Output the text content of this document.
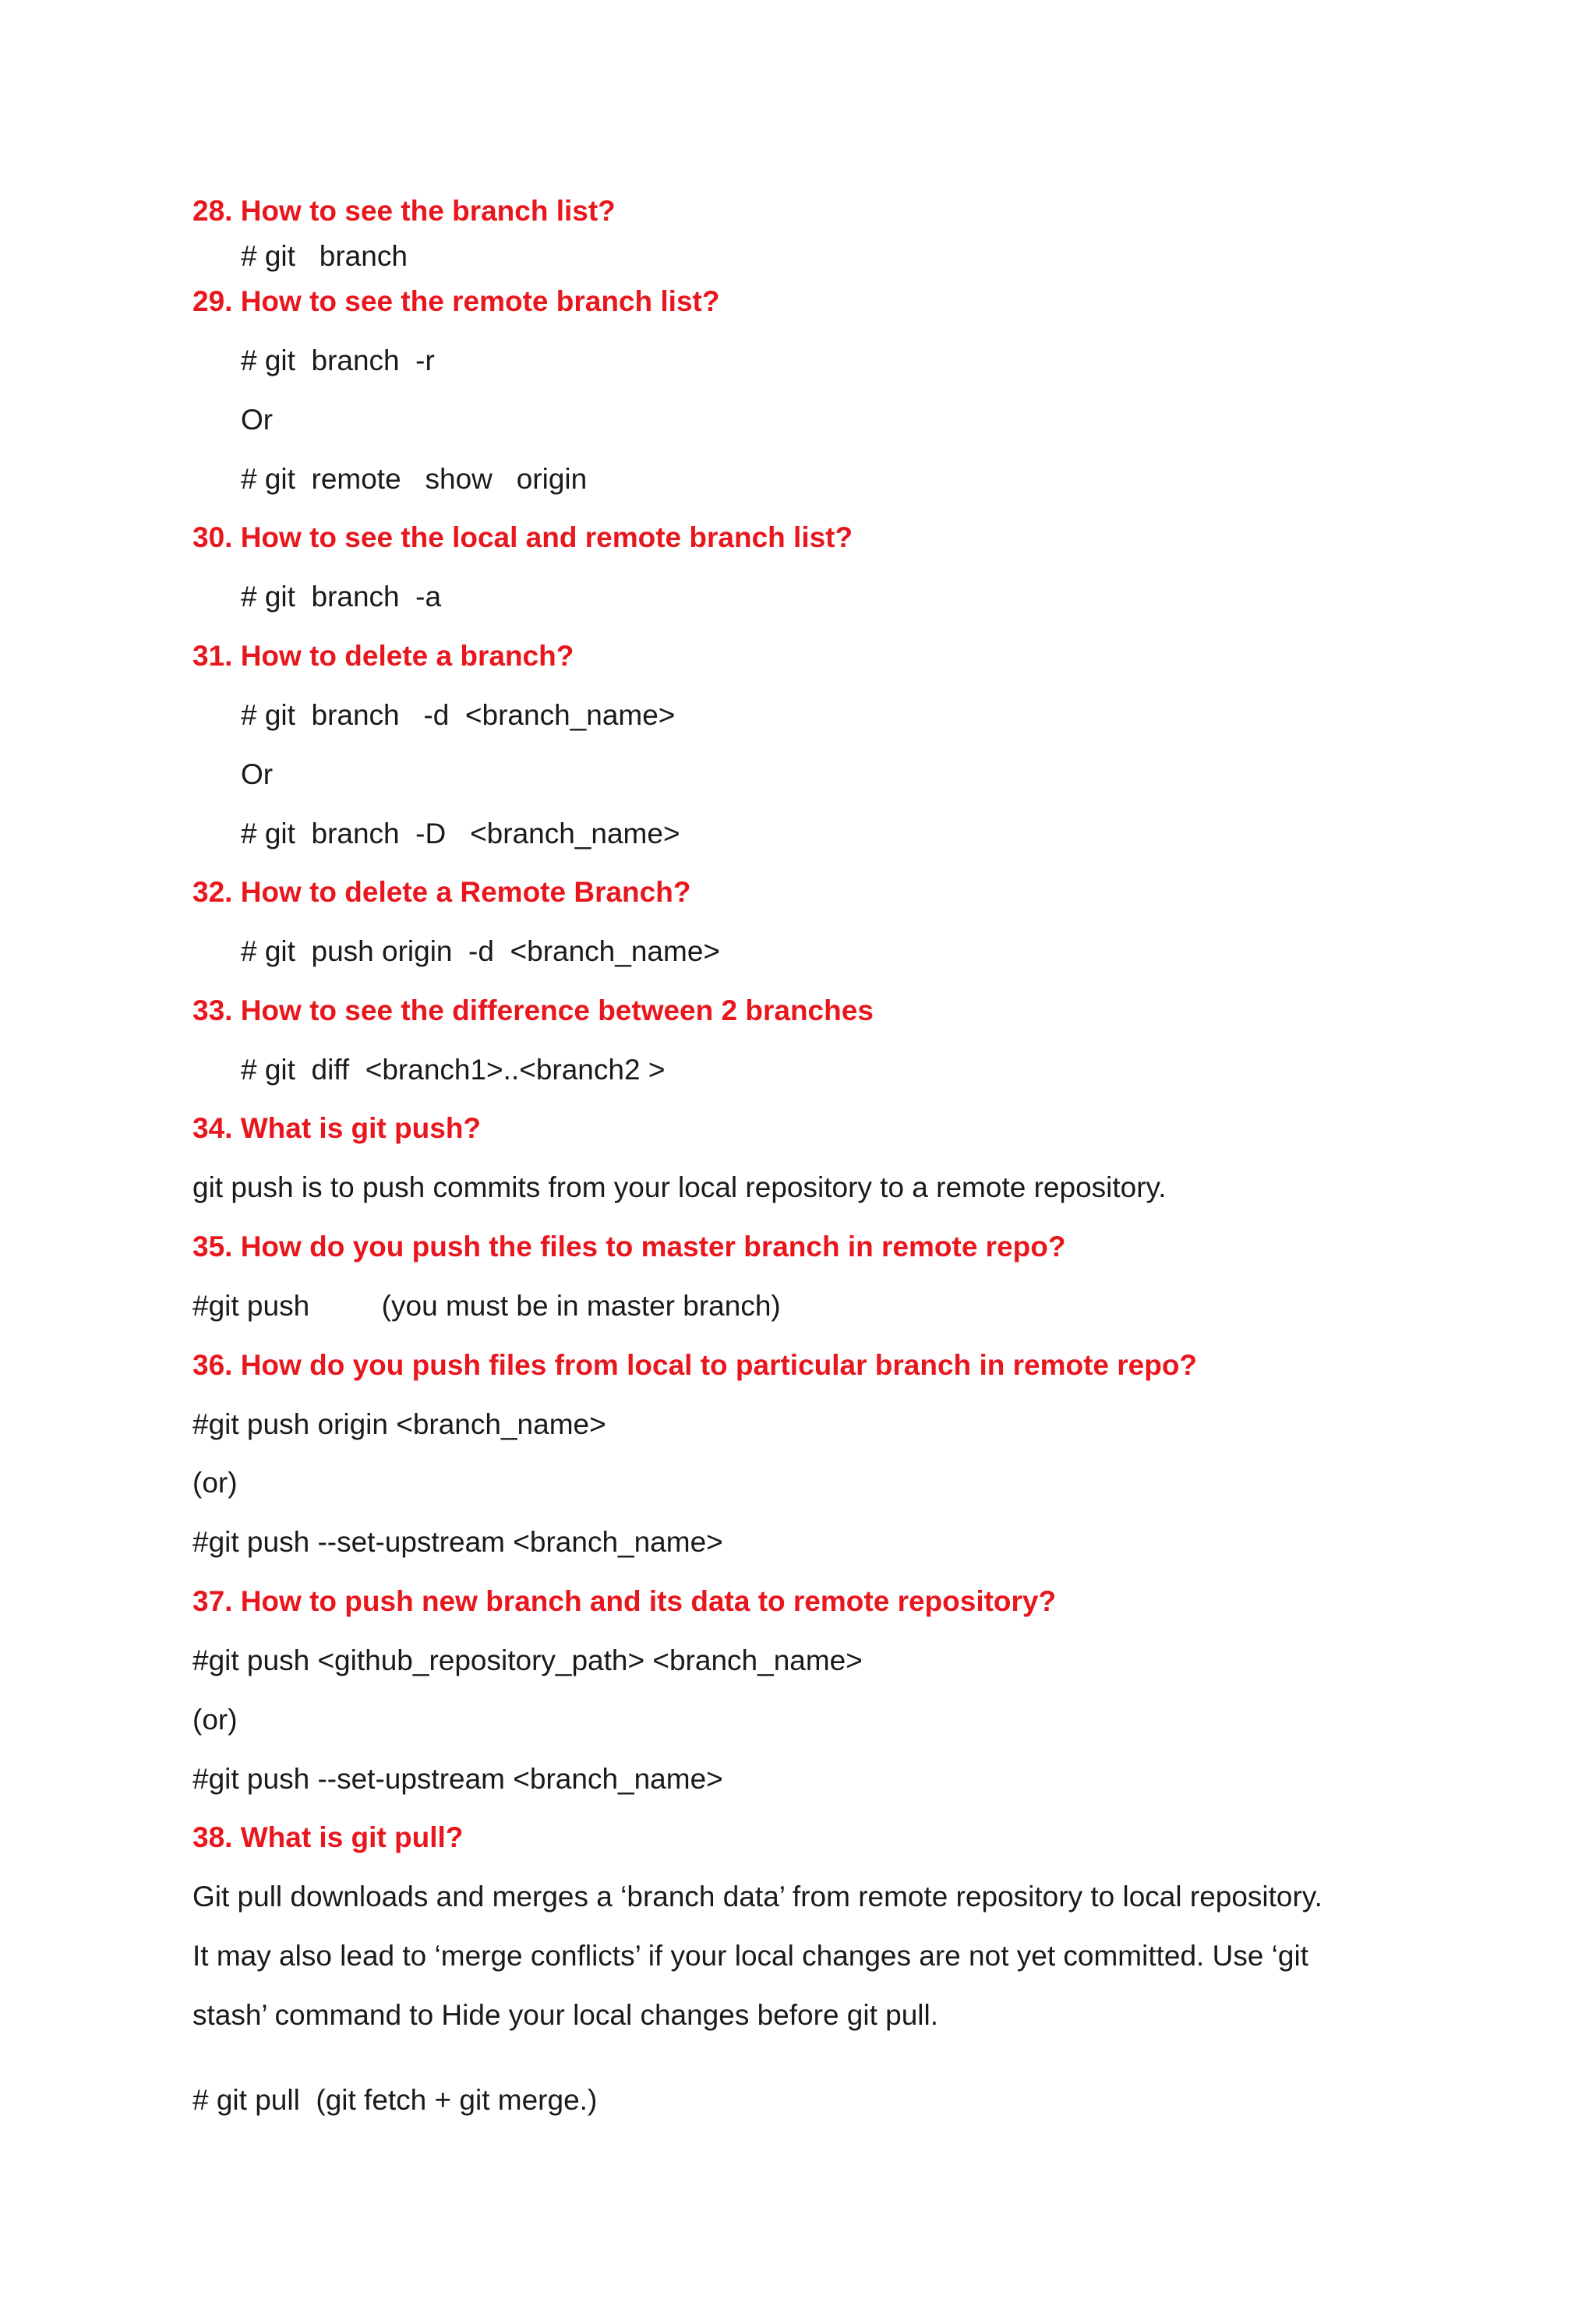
28. How to see the branch list?
# git   branch
29. How to see the remote branch list?
# git  branch  -r
Or
# git  remote   show   origin
30. How to see the local and remote branch list?
# git  branch  -a
31. How to delete a branch?
# git  branch   -d  <branch_name>
Or
# git  branch  -D   <branch_name>
32. How to delete a Remote Branch?
# git  push origin  -d  <branch_name>
33. How to see the difference between 2 branches
# git  diff  <branch1>..<branch2 >
34. What is git push?
git push is to push commits from your local repository to a remote repository.
35. How do you push the files to master branch in remote repo?
#git push         (you must be in master branch)
36. How do you push files from local to particular branch in remote repo?
#git push origin <branch_name>
(or)
#git push --set-upstream <branch_name>
37. How to push new branch and its data to remote repository?
#git push <github_repository_path> <branch_name>
(or)
#git push --set-upstream <branch_name>
38. What is git pull?
Git pull downloads and merges a ‘branch data’ from remote repository to local repository.
It may also lead to ‘merge conflicts’ if your local changes are not yet committed. Use ‘git
stash’ command to Hide your local changes before git pull.
# git pull  (git fetch + git merge.)
